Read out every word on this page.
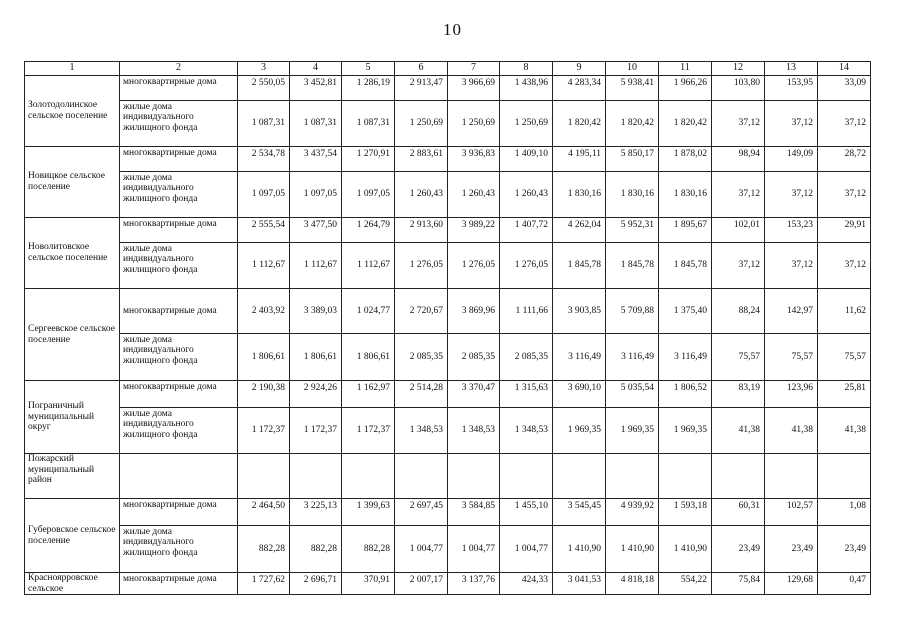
10
1	2	3	4	5	6	7	8	9	10	11	12	13	14
Золотодолинское сельское поселение	многоквартирные дома	2 550,05	3 452,81	1 286,19	2 913,47	3 966,69	1 438,96	4 283,34	5 938,41	1 966,26	103,80	153,95	33,09
	жилые дома индивидуального жилищного фонда	1 087,31	1 087,31	1 087,31	1 250,69	1 250,69	1 250,69	1 820,42	1 820,42	1 820,42	37,12	37,12	37,12
Новицкое сельское поселение	многоквартирные дома	2 534,78	3 437,54	1 270,91	2 883,61	3 936,83	1 409,10	4 195,11	5 850,17	1 878,02	98,94	149,09	28,72
	жилые дома индивидуального жилищного фонда	1 097,05	1 097,05	1 097,05	1 260,43	1 260,43	1 260,43	1 830,16	1 830,16	1 830,16	37,12	37,12	37,12
Новолитовское сельское поселение	многоквартирные дома	2 555,54	3 477,50	1 264,79	2 913,60	3 989,22	1 407,72	4 262,04	5 952,31	1 895,67	102,01	153,23	29,91
	жилые дома индивидуального жилищного фонда	1 112,67	1 112,67	1 112,67	1 276,05	1 276,05	1 276,05	1 845,78	1 845,78	1 845,78	37,12	37,12	37,12
Сергеевское сельское поселение	многоквартирные дома	2 403,92	3 389,03	1 024,77	2 720,67	3 869,96	1 111,66	3 903,85	5 709,88	1 375,40	88,24	142,97	11,62
	жилые дома индивидуального жилищного фонда	1 806,61	1 806,61	1 806,61	2 085,35	2 085,35	2 085,35	3 116,49	3 116,49	3 116,49	75,57	75,57	75,57
Пограничный муниципальный округ	многоквартирные дома	2 190,38	2 924,26	1 162,97	2 514,28	3 370,47	1 315,63	3 690,10	5 035,54	1 806,52	83,19	123,96	25,81
	жилые дома индивидуального жилищного фонда	1 172,37	1 172,37	1 172,37	1 348,53	1 348,53	1 348,53	1 969,35	1 969,35	1 969,35	41,38	41,38	41,38
Пожарский муниципальный район													
Губеровское сельское поселение	многоквартирные дома	2 464,50	3 225,13	1 399,63	2 697,45	3 584,85	1 455,10	3 545,45	4 939,92	1 593,18	60,31	102,57	1,08
	жилые дома индивидуального жилищного фонда	882,28	882,28	882,28	1 004,77	1 004,77	1 004,77	1 410,90	1 410,90	1 410,90	23,49	23,49	23,49
Красноярровское сельское	многоквартирные дома	1 727,62	2 696,71	370,91	2 007,17	3 137,76	424,33	3 041,53	4 818,18	554,22	75,84	129,68	0,47
